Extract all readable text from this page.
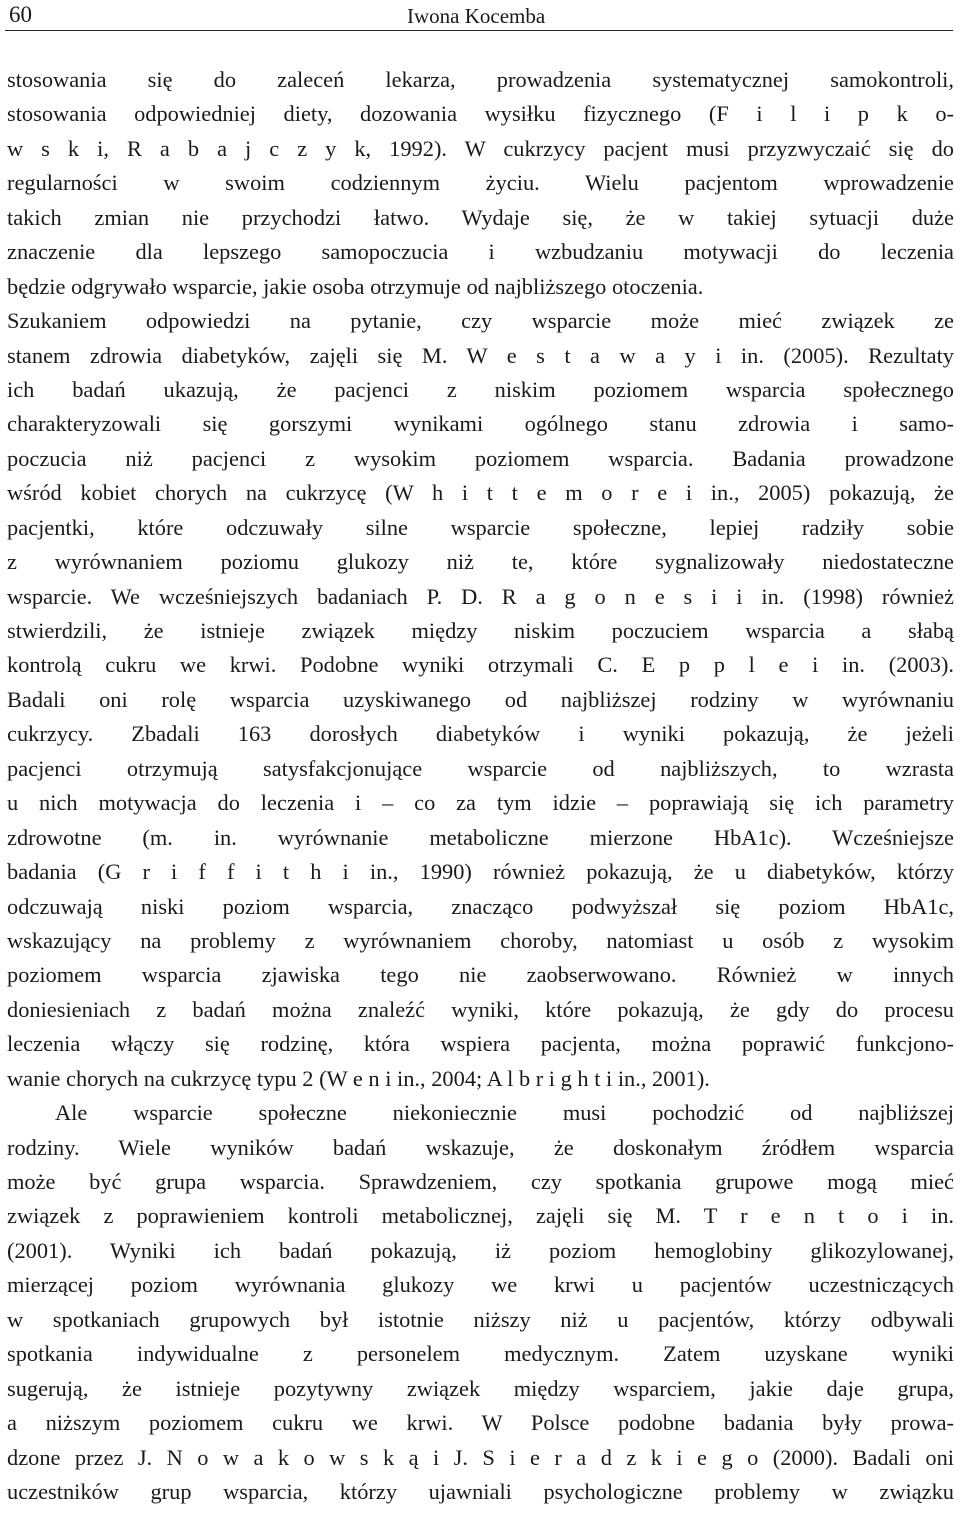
60	Iwona Kocemba
stosowania się do zaleceń lekarza, prowadzenia systematycznej samokontroli,
stosowania odpowiedniej diety, dozowania wysiłku fizycznego (F i l i p k o-
w s k i, R a b a j c z y k, 1992). W cukrzycy pacjent musi przyzwyczaić się do
regularności w swoim codziennym życiu. Wielu pacjentom wprowadzenie
takich zmian nie przychodzi łatwo. Wydaje się, że w takiej sytuacji duże
znaczenie dla lepszego samopoczucia i wzbudzaniu motywacji do leczenia
będzie odgrywało wsparcie, jakie osoba otrzymuje od najbliższego otoczenia.
Szukaniem odpowiedzi na pytanie, czy wsparcie może mieć związek ze
stanem zdrowia diabetyków, zajęli się M. W e s t a w a y i in. (2005). Rezultaty
ich badań ukazują, że pacjenci z niskim poziomem wsparcia społecznego
charakteryzowali się gorszymi wynikami ogólnego stanu zdrowia i samo-
poczucia niż pacjenci z wysokim poziomem wsparcia. Badania prowadzone
wśród kobiet chorych na cukrzycę (W h i t t e m o r e i in., 2005) pokazują, że
pacjentki, które odczuwały silne wsparcie społeczne, lepiej radziły sobie
z wyrównaniem poziomu glukozy niż te, które sygnalizowały niedostateczne
wsparcie. We wcześniejszych badaniach P. D. R a g o n e s i i in. (1998) również
stwierdzili, że istnieje związek między niskim poczuciem wsparcia a słabą
kontrolą cukru we krwi. Podobne wyniki otrzymali C. E p p l e i in. (2003).
Badali oni rolę wsparcia uzyskiwanego od najbliższej rodziny w wyrównaniu
cukrzycy. Zbadali 163 dorosłych diabetyków i wyniki pokazują, że jeżeli
pacjenci otrzymują satysfakcjonujące wsparcie od najbliższych, to wzrasta
u nich motywacja do leczenia i – co za tym idzie – poprawiają się ich parametry
zdrowotne (m. in. wyrównanie metaboliczne mierzone HbA1c). Wcześniejsze
badania (G r i f f i t h i in., 1990) również pokazują, że u diabetyków, którzy
odczuwają niski poziom wsparcia, znacząco podwyższał się poziom HbA1c,
wskazujący na problemy z wyrównaniem choroby, natomiast u osób z wysokim
poziomem wsparcia zjawiska tego nie zaobserwowano. Również w innych
doniesieniach z badań można znaleźć wyniki, które pokazują, że gdy do procesu
leczenia włączy się rodzinę, która wspiera pacjenta, można poprawić funkcjono-
wanie chorych na cukrzycę typu 2 (W e n i in., 2004; A l b r i g h t i in., 2001).
Ale wsparcie społeczne niekoniecznie musi pochodzić od najbliższej
rodziny. Wiele wyników badań wskazuje, że doskonałym źródłem wsparcia
może być grupa wsparcia. Sprawdzeniem, czy spotkania grupowe mogą mieć
związek z poprawieniem kontroli metabolicznej, zajęli się M. T r e n t o i in.
(2001). Wyniki ich badań pokazują, iż poziom hemoglobiny glikozylowanej,
mierzącej poziom wyrównania glukozy we krwi u pacjentów uczestniczących
w spotkaniach grupowych był istotnie niższy niż u pacjentów, którzy odbywali
spotkania indywidualne z personelem medycznym. Zatem uzyskane wyniki
sugerują, że istnieje pozytywny związek między wsparciem, jakie daje grupa,
a niższym poziomem cukru we krwi. W Polsce podobne badania były prowa-
dzone przez J. N o w a k o w s k ą i J. S i e r a d z k i e g o (2000). Badali oni
uczestników grup wsparcia, którzy ujawniali psychologiczne problemy w związku
